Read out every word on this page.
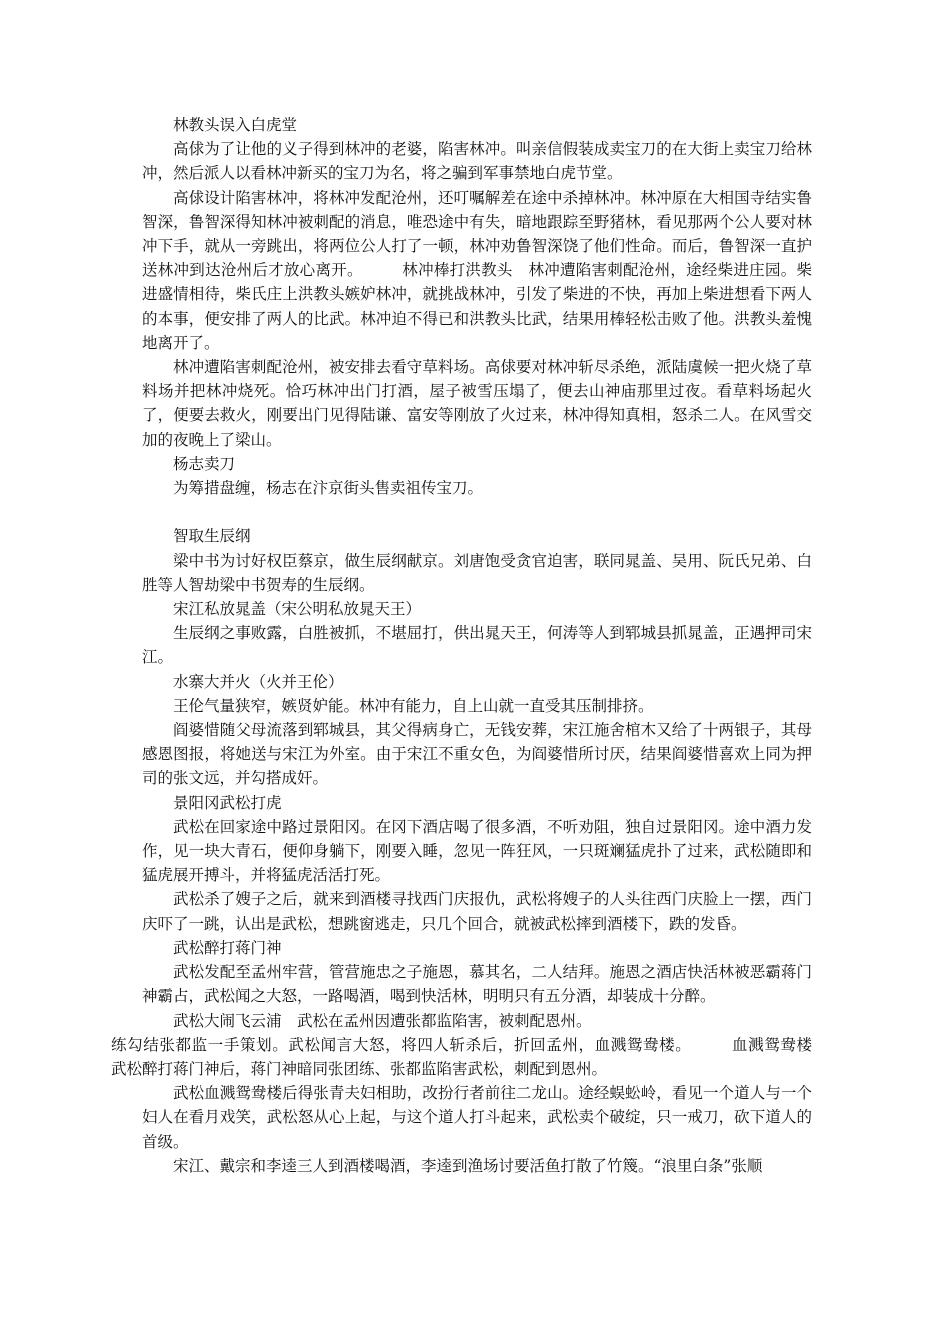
林教头误入白虎堂

高俅为了让他的义子得到林冲的老婆，陷害林冲。叫亲信假装成卖宝刀的在大街上卖宝刀给林冲，然后派人以看林冲新买的宝刀为名，将之骗到军事禁地白虎节堂。

高俅设计陷害林冲，将林冲发配沧州，还叮嘱解差在途中杀掉林冲。林冲原在大相国寺结实鲁智深，鲁智深得知林冲被刺配的消息，唯恐途中有失，暗地跟踪至野猪林，看见那两个公人要对林冲下手，就从一旁跳出，将两位公人打了一顿，林冲劝鲁智深饶了他们性命。而后，鲁智深一直护送林冲到达沧州后才放心离开。　　　林冲棒打洪教头　林冲遭陷害刺配沧州，途经柴进庄园。柴进盛情相待，柴氏庄上洪教头嫉妒林冲，就挑战林冲，引发了柴进的不快，再加上柴进想看下两人的本事，便安排了两人的比武。林冲迫不得已和洪教头比武，结果用棒轻松击败了他。洪教头羞愧地离开了。

林冲遭陷害刺配沧州，被安排去看守草料场。高俅要对林冲斩尽杀绝，派陆虞候一把火烧了草料场并把林冲烧死。恰巧林冲出门打酒，屋子被雪压塌了，便去山神庙那里过夜。看草料场起火了，便要去救火，刚要出门见得陆谦、富安等刚放了火过来，林冲得知真相，怒杀二人。在风雪交加的夜晚上了梁山。

杨志卖刀

为筹措盘缠，杨志在汴京街头售卖祖传宝刀。

智取生辰纲

梁中书为讨好权臣蔡京，做生辰纲献京。刘唐饱受贪官迫害，联同晁盖、吴用、阮氏兄弟、白胜等人智劫梁中书贺寿的生辰纲。

宋江私放晁盖（宋公明私放晁天王）

生辰纲之事败露，白胜被抓，不堪屈打，供出晁天王，何涛等人到郓城县抓晁盖，正遇押司宋江。

水寨大并火（火并王伦）

王伦气量狭窄，嫉贤妒能。林冲有能力，自上山就一直受其压制排挤。

阎婆惜随父母流落到郓城县，其父得病身亡，无钱安葬，宋江施舍棺木又给了十两银子，其母感恩图报，将她送与宋江为外室。由于宋江不重女色，为阎婆惜所讨厌，结果阎婆惜喜欢上同为押司的张文远，并勾搭成奸。

景阳冈武松打虎

武松在回家途中路过景阳冈。在冈下酒店喝了很多酒，不听劝阻，独自过景阳冈。途中酒力发作，见一块大青石，便仰身躺下，刚要入睡，忽见一阵狂风，一只斑斓猛虎扑了过来，武松随即和猛虎展开搏斗，并将猛虎活活打死。

武松杀了嫂子之后，就来到酒楼寻找西门庆报仇，武松将嫂子的人头往西门庆脸上一摆，西门庆吓了一跳，认出是武松，想跳窗逃走，只几个回合，就被武松摔到酒楼下，跌的发昏。

武松醉打蒋门神

武松发配至孟州牢营，管营施忠之子施恩，慕其名，二人结拜。施恩之酒店快活林被恶霸蒋门神霸占，武松闻之大怒，一路喝酒，喝到快活林，明明只有五分酒，却装成十分醉。

武松大闹飞云浦　武松在孟州因遭张都监陷害，被刺配恩州。

练勾结张都监一手策划。武松闻言大怒，将四人斩杀后，折回孟州，血溅鸳鸯楼。　　　血溅鸳鸯楼　武松醉打蒋门神后，蒋门神暗同张团练、张都监陷害武松，刺配到恩州。

武松血溅鸳鸯楼后得张青夫妇相助，改扮行者前往二龙山。途经蜈蚣岭，看见一个道人与一个妇人在看月戏笑，武松怒从心上起，与这个道人打斗起来，武松卖个破绽，只一戒刀，砍下道人的首级。

宋江、戴宗和李逵三人到酒楼喝酒，李逵到渔场讨要活鱼打散了竹篾。“浪里白条”张顺
